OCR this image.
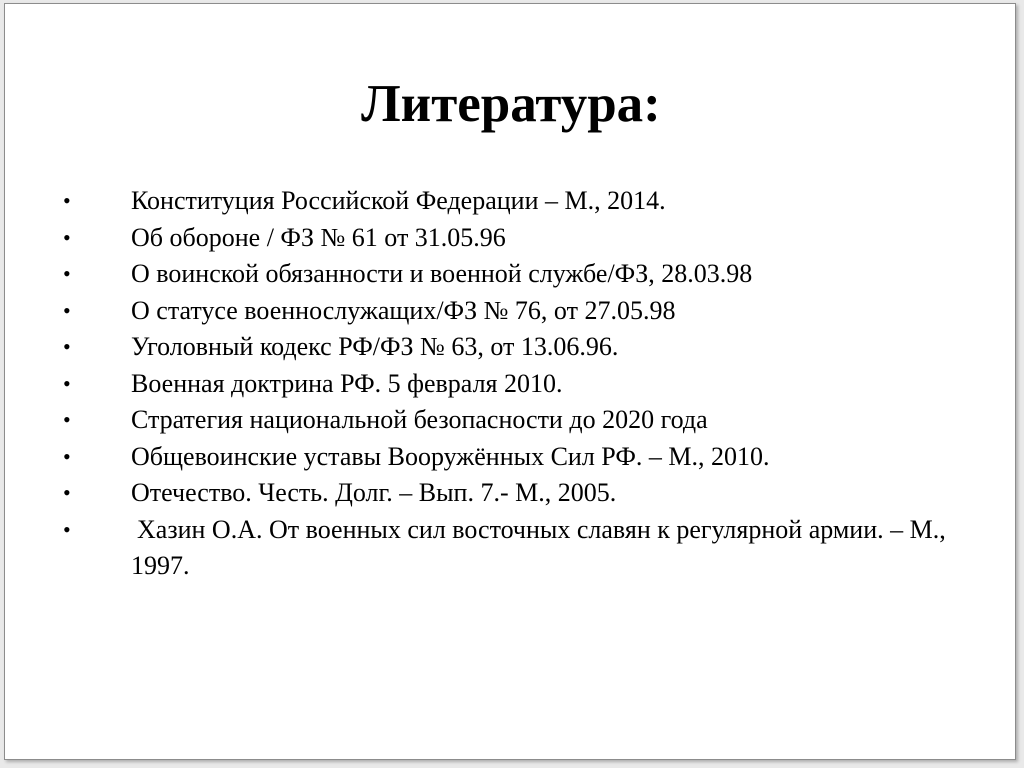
Литература:
• Конституция Российской Федерации – М., 2014.
• Об обороне / ФЗ № 61 от 31.05.96
• О воинской обязанности и военной службе/ФЗ, 28.03.98
• О статусе военнослужащих/ФЗ № 76, от 27.05.98
• Уголовный кодекс РФ/ФЗ № 63, от 13.06.96.
• Военная доктрина РФ. 5 февраля 2010.
• Стратегия национальной безопасности до 2020 года
• Общевоинские уставы Вооружённых Сил РФ. – М., 2010.
• Отечество. Честь. Долг. – Вып. 7.- М., 2005.
•	Хазин О.А. От военных сил восточных славян к регулярной армии. – М., 1997.
